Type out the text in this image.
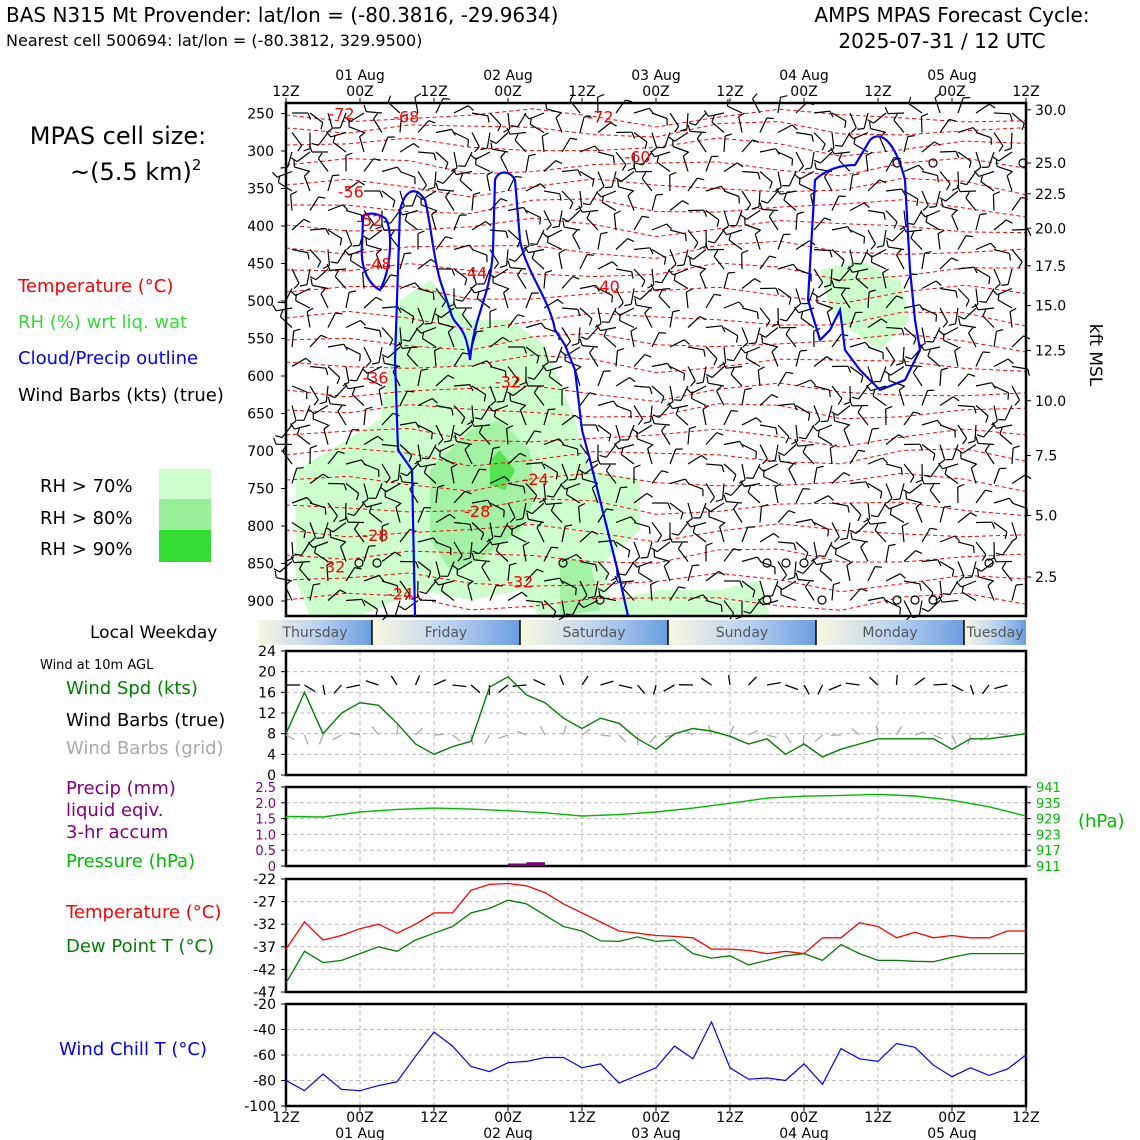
BAS N315 Mt Provender: lat/lon = (-80.3816, -29.9634)
Nearest cell 500694: lat/lon = (-80.3812, 329.9500)
AMPS MPAS Forecast Cycle:
2025-07-31 / 12 UTC
MPAS cell size:
~(5.5 km)$^2$
Temperature (°C)
RH (%) wrt liq. wat
Cloud/Precip outline
Wind Barbs (kts) (true)
RH > 70%
RH > 80%
RH > 90%
Local Weekday
Wind at 10m AGL
Wind Spd (kts)
Wind Barbs (true)
Wind Barbs (grid)
Precip (mm)
liquid eqiv.
3-hr accum
Pressure (hPa)
(hPa)
Temperature (°C)
Dew Point T (°C)
Wind Chill T (°C)
kft MSL
-72 -68	-72
-60
-56
-52
-48	-44
-40
-36	-32
-24
-28
-28
-32
-24
-32
250
300
350
400
450
500
550
600
650
700
750
800
850
900
30.0
25.0
22.5
20.0
17.5
15.0
12.5
10.0
7.5
5.0
2.5
12Z	00Z	12Z	00Z	12Z	00Z	12Z	00Z	12Z	00Z	12Z
01 Aug	02 Aug	03 Aug	04 Aug	05 Aug
Thursday	Friday	Saturday	Sunday	Monday	Tuesday
0
4
8
12
16
20
24
0
0.5
1.0
1.5
2.0
2.5
911
917
923
929
935
941
-22
-27
-32
-37
-42
-47
-20
-40
-60
-80
-100
12Z	00Z	12Z	00Z	12Z	00Z	12Z	00Z	12Z	00Z	12Z
01 Aug	02 Aug	03 Aug	04 Aug	05 Aug
